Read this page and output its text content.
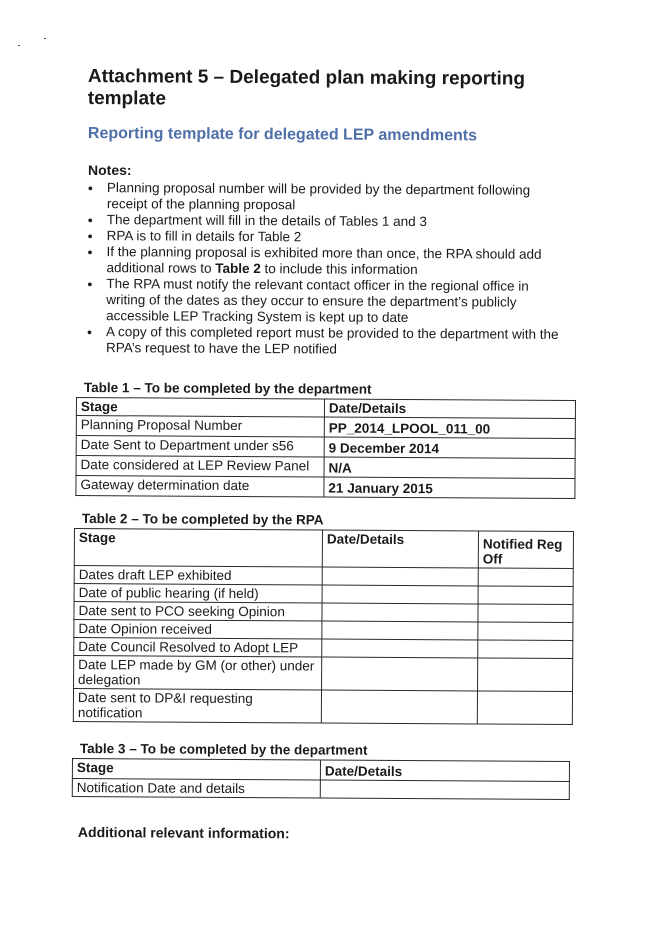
Attachment 5 – Delegated plan making reporting template
Reporting template for delegated LEP amendments

Notes:

• Planning proposal number will be provided by the department following receipt of the planning proposal
• The department will fill in the details of Tables 1 and 3
• RPA is to fill in details for Table 2
• If the planning proposal is exhibited more than once, the RPA should add additional rows to Table 2 to include this information
• The RPA must notify the relevant contact officer in the regional office in writing of the dates as they occur to ensure the department’s publicly accessible LEP Tracking System is kept up to date
• A copy of this completed report must be provided to the department with the RPA’s request to have the LEP notified

Table 1 – To be completed by the department

Stage	Date/Details
Planning Proposal Number	PP_2014_LPOOL_011_00
Date Sent to Department under s56	9 December 2014
Date considered at LEP Review Panel	N/A
Gateway determination date	21 January 2015

Table 2 – To be completed by the RPA

Stage	Date/Details	Notified Reg Off
Dates draft LEP exhibited		
Date of public hearing (if held)		
Date sent to PCO seeking Opinion		
Date Opinion received		
Date Council Resolved to Adopt LEP		
Date LEP made by GM (or other) under delegation		
Date sent to DP&I requesting notification		

Table 3 – To be completed by the department

Stage	Date/Details
Notification Date and details	

Additional relevant information:
